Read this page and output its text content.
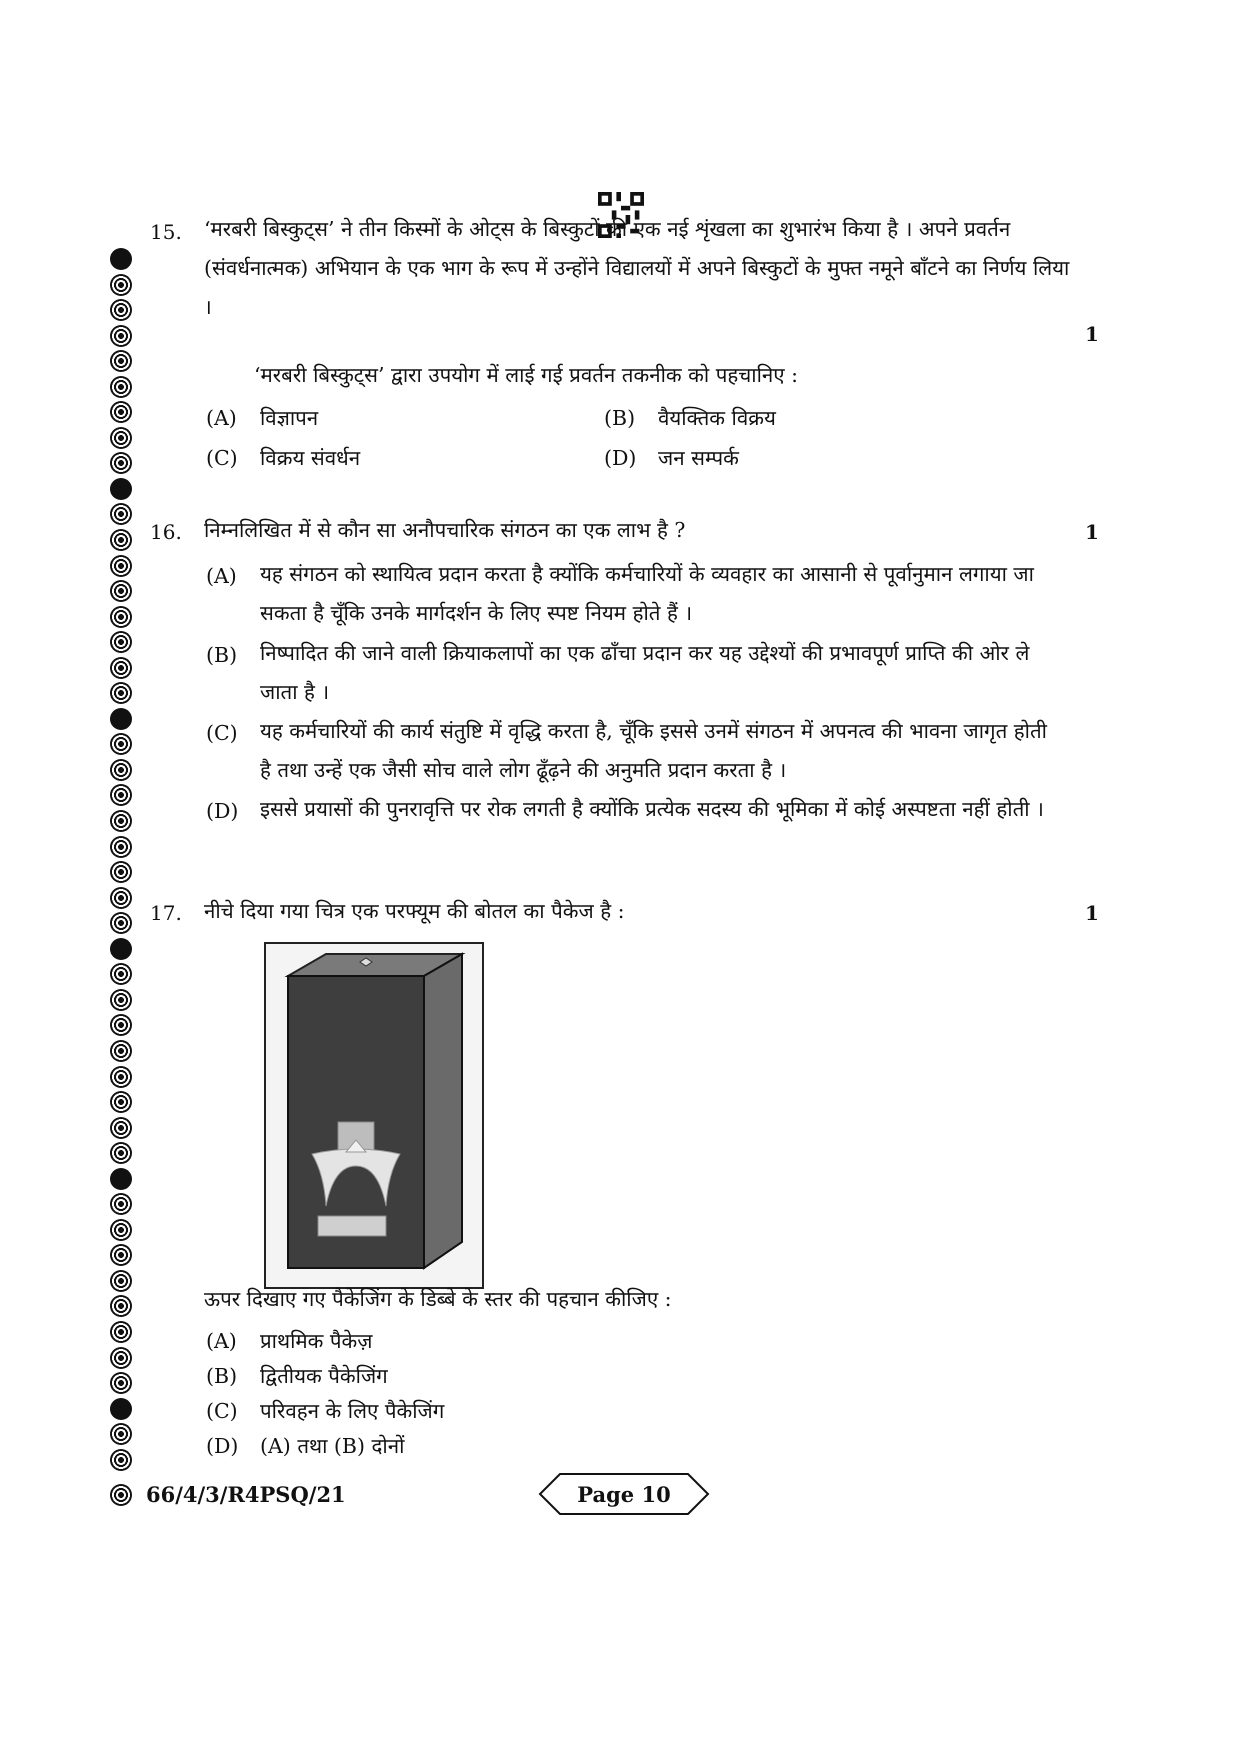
15. ‘मरबरी बिस्कुट्स’ ने तीन किस्मों के ओट्स के बिस्कुटों की एक नई शृंखला का शुभारंभ किया है । अपने प्रवर्तन (संवर्धनात्मक) अभियान के एक भाग के रूप में उन्होंने विद्यालयों में अपने बिस्कुटों के मुफ्त नमूने बाँटने का निर्णय लिया ।
1
‘मरबरी बिस्कुट्स’ द्वारा उपयोग में लाई गई प्रवर्तन तकनीक को पहचानिए :
(A) विज्ञापन	(B) वैयक्तिक विक्रय
(C) विक्रय संवर्धन	(D) जन सम्पर्क
16. निम्नलिखित में से कौन सा अनौपचारिक संगठन का एक लाभ है ?	1
(A)	यह संगठन को स्थायित्व प्रदान करता है क्योंकि कर्मचारियों के व्यवहार का आसानी से पूर्वानुमान लगाया जा सकता है चूँकि उनके मार्गदर्शन के लिए स्पष्ट नियम होते हैं ।
(B)	निष्पादित की जाने वाली क्रियाकलापों का एक ढाँचा प्रदान कर यह उद्देश्यों की प्रभावपूर्ण प्राप्ति की ओर ले जाता है ।
(C)	यह कर्मचारियों की कार्य संतुष्टि में वृद्धि करता है, चूँकि इससे उनमें संगठन में अपनत्व की भावना जागृत होती है तथा उन्हें एक जैसी सोच वाले लोग ढूँढ़ने की अनुमति प्रदान करता है ।
(D)	इससे प्रयासों की पुनरावृत्ति पर रोक लगती है क्योंकि प्रत्येक सदस्य की भूमिका में कोई अस्पष्टता नहीं होती ।
17. नीचे दिया गया चित्र एक परफ्यूम की बोतल का पैकेज है :	1
ऊपर दिखाए गए पैकेजिंग के डिब्बे के स्तर की पहचान कीजिए :
(A) प्राथमिक पैकेज़
(B) द्वितीयक पैकेजिंग
(C) परिवहन के लिए पैकेजिंग
(D) (A) तथा (B) दोनों
66/4/3/R4PSQ/21	Page 10
